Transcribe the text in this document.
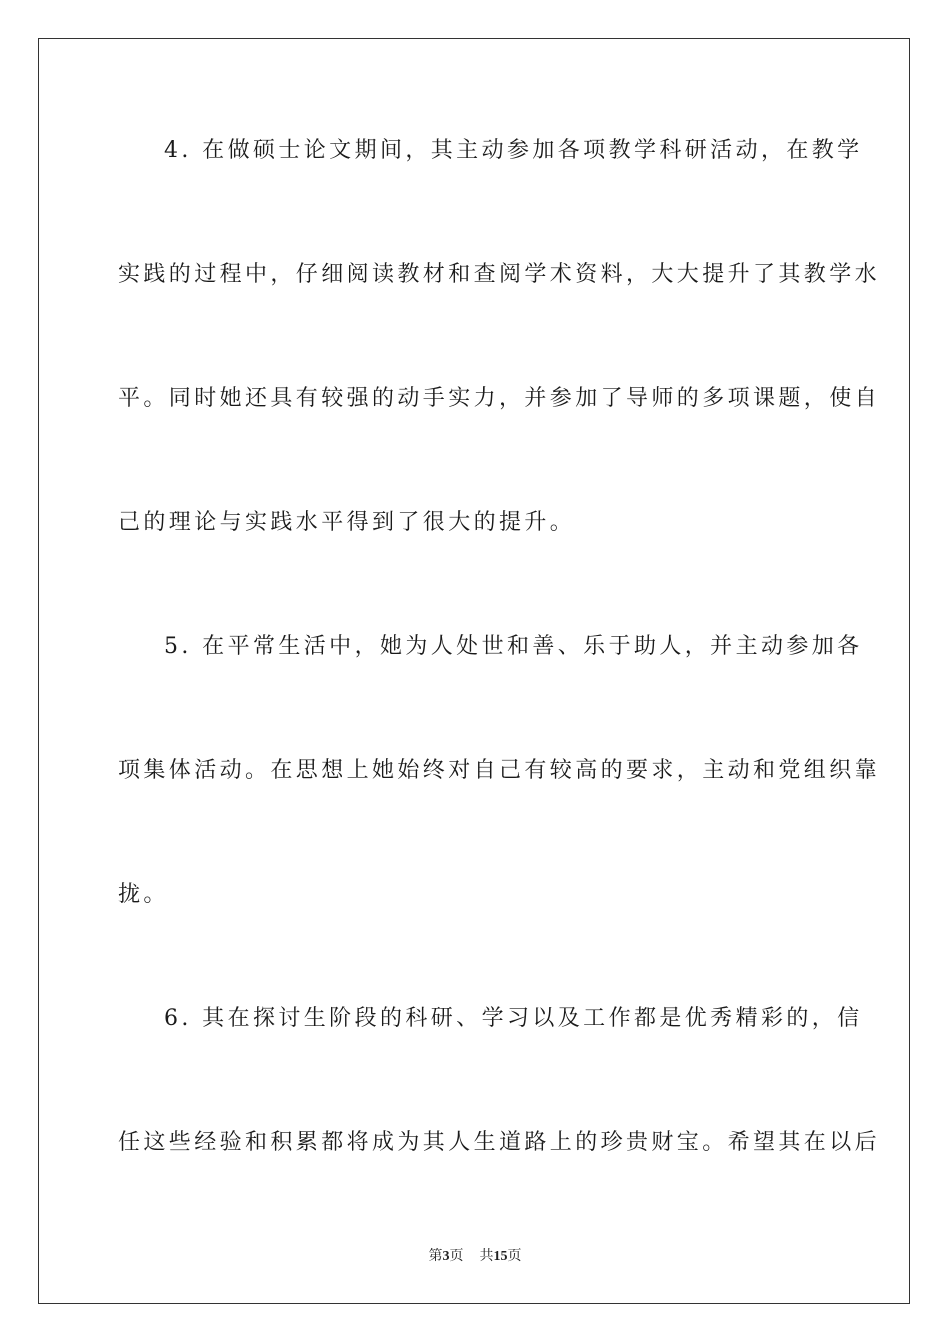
4. 在做硕士论文期间，其主动参加各项教学科研活动，在教学
实践的过程中，仔细阅读教材和查阅学术资料，大大提升了其教学水
平。同时她还具有较强的动手实力，并参加了导师的多项课题，使自
己的理论与实践水平得到了很大的提升。
5. 在平常生活中，她为人处世和善、乐于助人，并主动参加各
项集体活动。在思想上她始终对自己有较高的要求，主动和党组织靠
拢。
6. 其在探讨生阶段的科研、学习以及工作都是优秀精彩的，信
任这些经验和积累都将成为其人生道路上的珍贵财宝。希望其在以后
第3页 共15页
